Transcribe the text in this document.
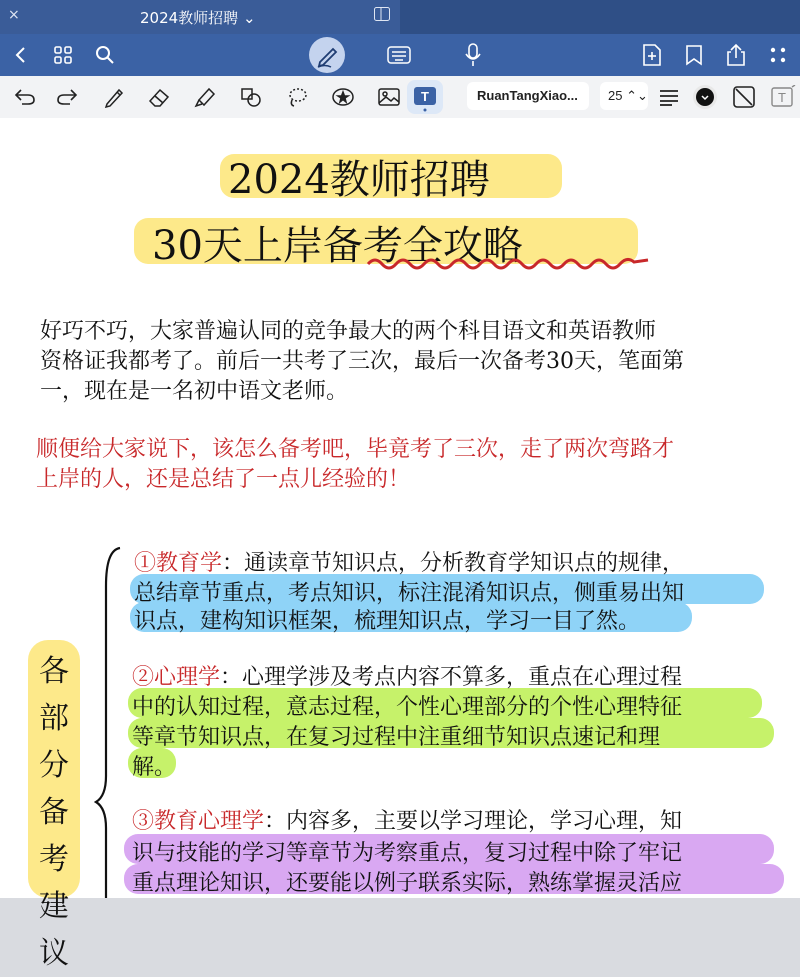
×	2024教师招聘 ⌄
T	RuanTangXiao...	25 ⌃⌄	T
2024教师招聘
30天上岸备考全攻略
好巧不巧，大家普遍认同的竞争最大的两个科目语文和英语教师
资格证我都考了。前后一共考了三次，最后一次备考30天，笔面第
一，现在是一名初中语文老师。
顺便给大家说下，该怎么备考吧，毕竟考了三次，走了两次弯路才
上岸的人，还是总结了一点儿经验的！
各
部
分
备
考
建
议
①教育学：通读章节知识点，分析教育学知识点的规律，
总结章节重点，考点知识，标注混淆知识点，侧重易出知
识点，建构知识框架，梳理知识点，学习一目了然。
②心理学：心理学涉及考点内容不算多，重点在心理过程
中的认知过程，意志过程，个性心理部分的个性心理特征
等章节知识点，在复习过程中注重细节知识点速记和理
解。
③教育心理学：内容多，主要以学习理论，学习心理，知
识与技能的学习等章节为考察重点，复习过程中除了牢记
重点理论知识，还要能以例子联系实际，熟练掌握灵活应
